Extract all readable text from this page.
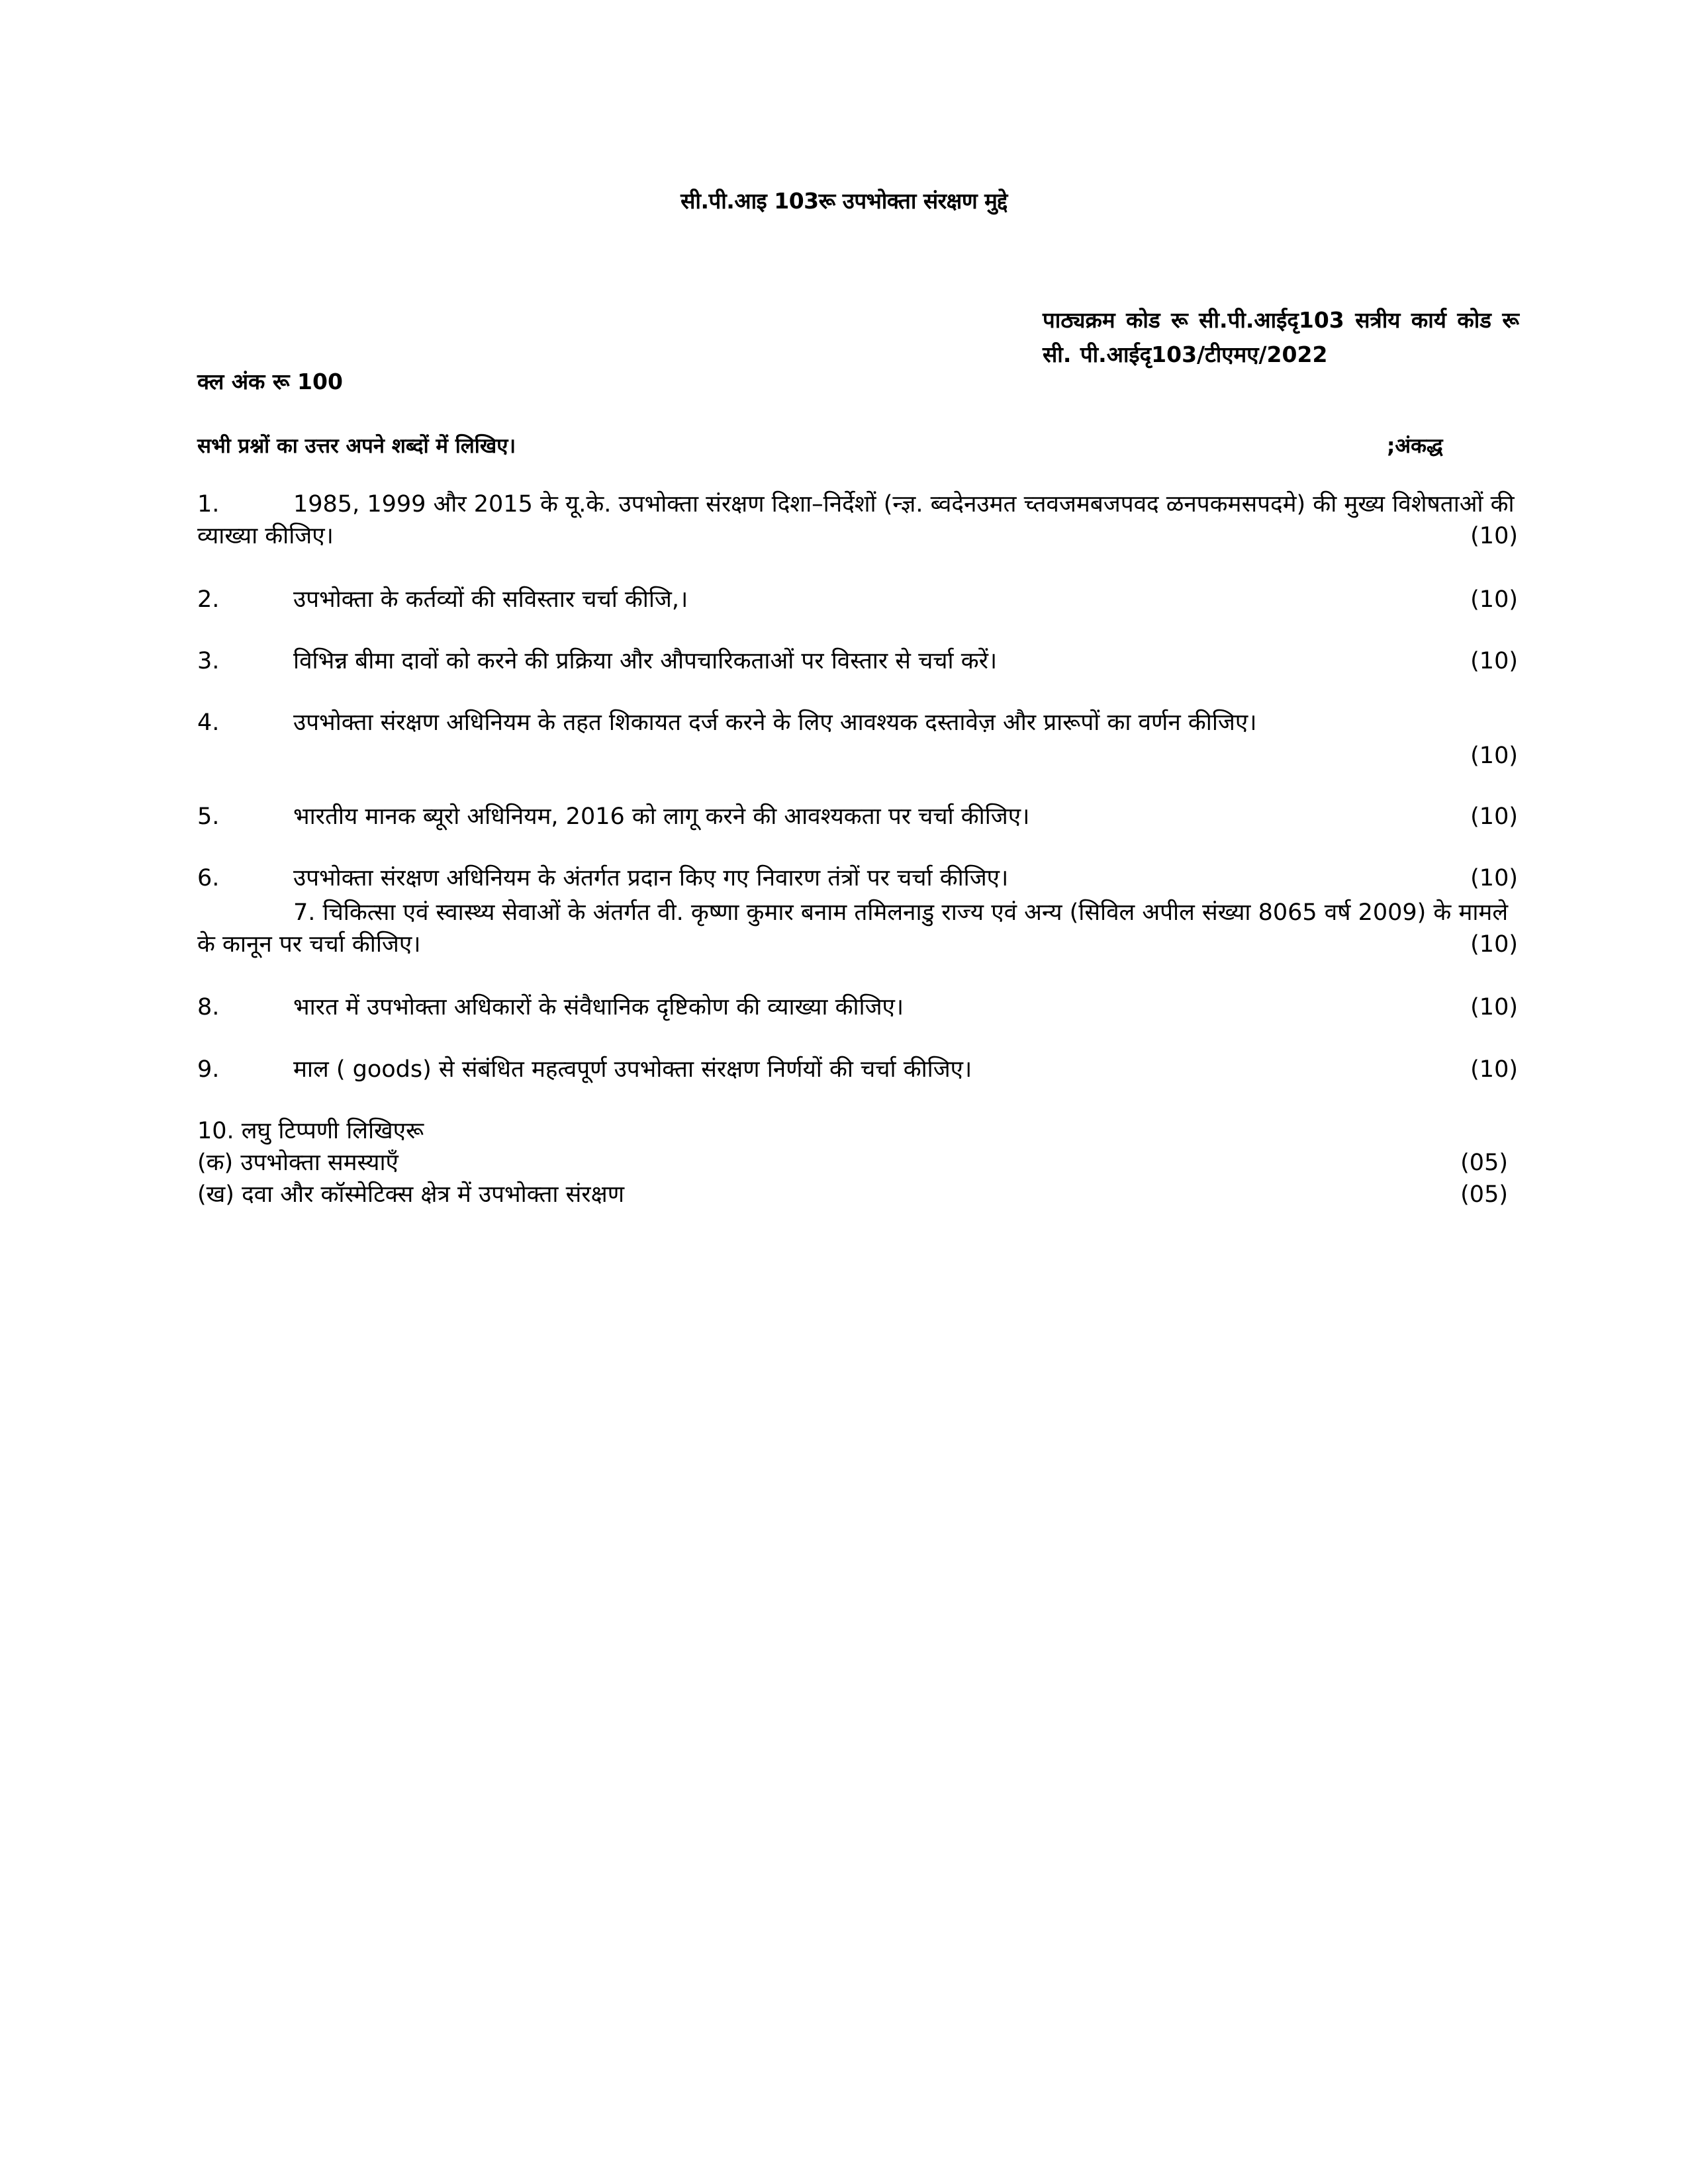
सी.पी.आइ 103रू उपभोक्ता संरक्षण मुद्दे
पाठ्यक्रम कोड रू सी.पी.आईदृ103 सत्रीय कार्य कोड रू सी. पी.आईदृ103/टीएमए/2022
क्ल अंक रू 100
सभी प्रश्नों का उत्तर अपने शब्दों में लिखिए।	;अंकद्ध
1.	1985, 1999 और 2015 के यू.के. उपभोक्ता संरक्षण दिशा–निर्देशों (न्ज्ञ. ब्वदेनउमत च्तवजमबजपवद ळनपकमसपदमे) की मुख्य विशेषताओं की व्याख्या कीजिए।	(10)
2.	उपभोक्ता के कर्तव्यों की सविस्तार चर्चा कीजि,।	(10)
3.	विभिन्न बीमा दावों को करने की प्रक्रिया और औपचारिकताओं पर विस्तार से चर्चा करें।	(10)
4.	उपभोक्ता संरक्षण अधिनियम के तहत शिकायत दर्ज करने के लिए आवश्यक दस्तावेज़ और प्रारूपों का वर्णन कीजिए।
(10)
5.	भारतीय मानक ब्यूरो अधिनियम, 2016 को लागू करने की आवश्यकता पर चर्चा कीजिए।	(10)
6.	उपभोक्ता संरक्षण अधिनियम के अंतर्गत प्रदान किए गए निवारण तंत्रों पर चर्चा कीजिए।	(10)
7. चिकित्सा एवं स्वास्थ्य सेवाओं के अंतर्गत वी. कृष्णा कुमार बनाम तमिलनाडु राज्य एवं अन्य (सिविल अपील संख्या 8065 वर्ष 2009) के मामले के कानून पर चर्चा कीजिए।	(10)
8.	भारत में उपभोक्ता अधिकारों के संवैधानिक दृष्टिकोण की व्याख्या कीजिए।	(10)
9.	माल ( goods) से संबंधित महत्वपूर्ण उपभोक्ता संरक्षण निर्णयों की चर्चा कीजिए।	(10)
10. लघु टिप्पणी लिखिएरू
(क) उपभोक्ता समस्याएँ	(05)
(ख) दवा और कॉस्मेटिक्स क्षेत्र में उपभोक्ता संरक्षण	(05)
